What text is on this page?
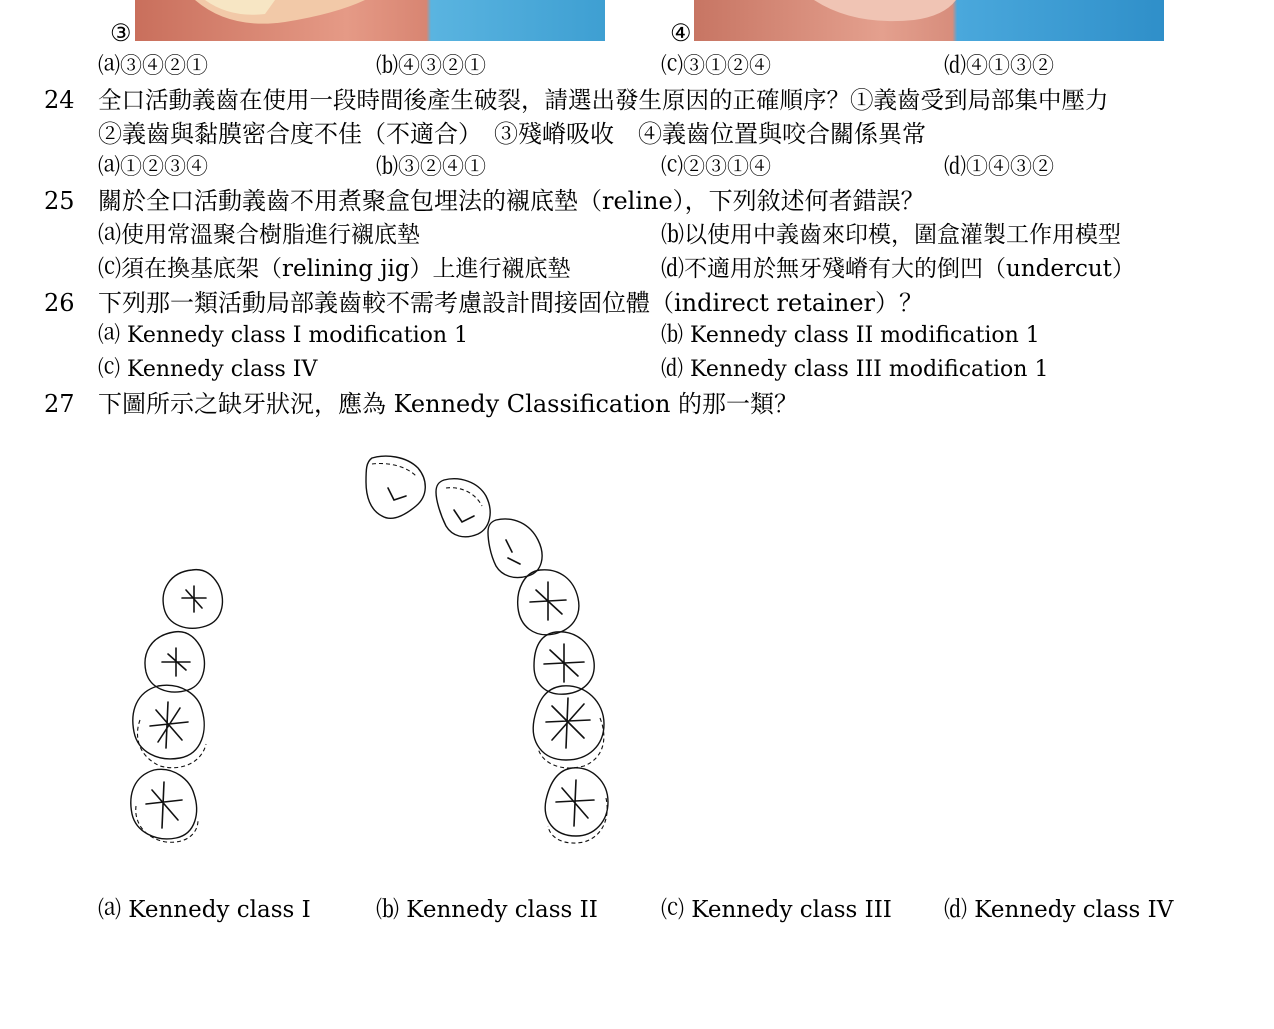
③	④
⒜③④②①	⒝④③②①	⒞③①②④	⒟④①③②
24 全口活動義齒在使用一段時間後產生破裂，請選出發生原因的正確順序？①義齒受到局部集中壓力
②義齒與黏膜密合度不佳（不適合）　③殘嵴吸收　④義齒位置與咬合關係異常
⒜①②③④	⒝③②④①	⒞②③①④	⒟①④③②
25 關於全口活動義齒不用煮聚盒包埋法的襯底墊（reline），下列敘述何者錯誤？
⒜使用常溫聚合樹脂進行襯底墊	⒝以使用中義齒來印模，圍盒灌製工作用模型
⒞須在換基底架（relining jig）上進行襯底墊	⒟不適用於無牙殘嵴有大的倒凹（undercut）
26 下列那一類活動局部義齒較不需考慮設計間接固位體（indirect retainer）？
⒜ Kennedy class I modification 1	⒝ Kennedy class II modification 1
⒞ Kennedy class IV	⒟ Kennedy class III modification 1
27 下圖所示之缺牙狀況，應為 Kennedy Classification 的那一類？
⒜ Kennedy class I	⒝ Kennedy class II	⒞ Kennedy class III ⒟ Kennedy class IV
